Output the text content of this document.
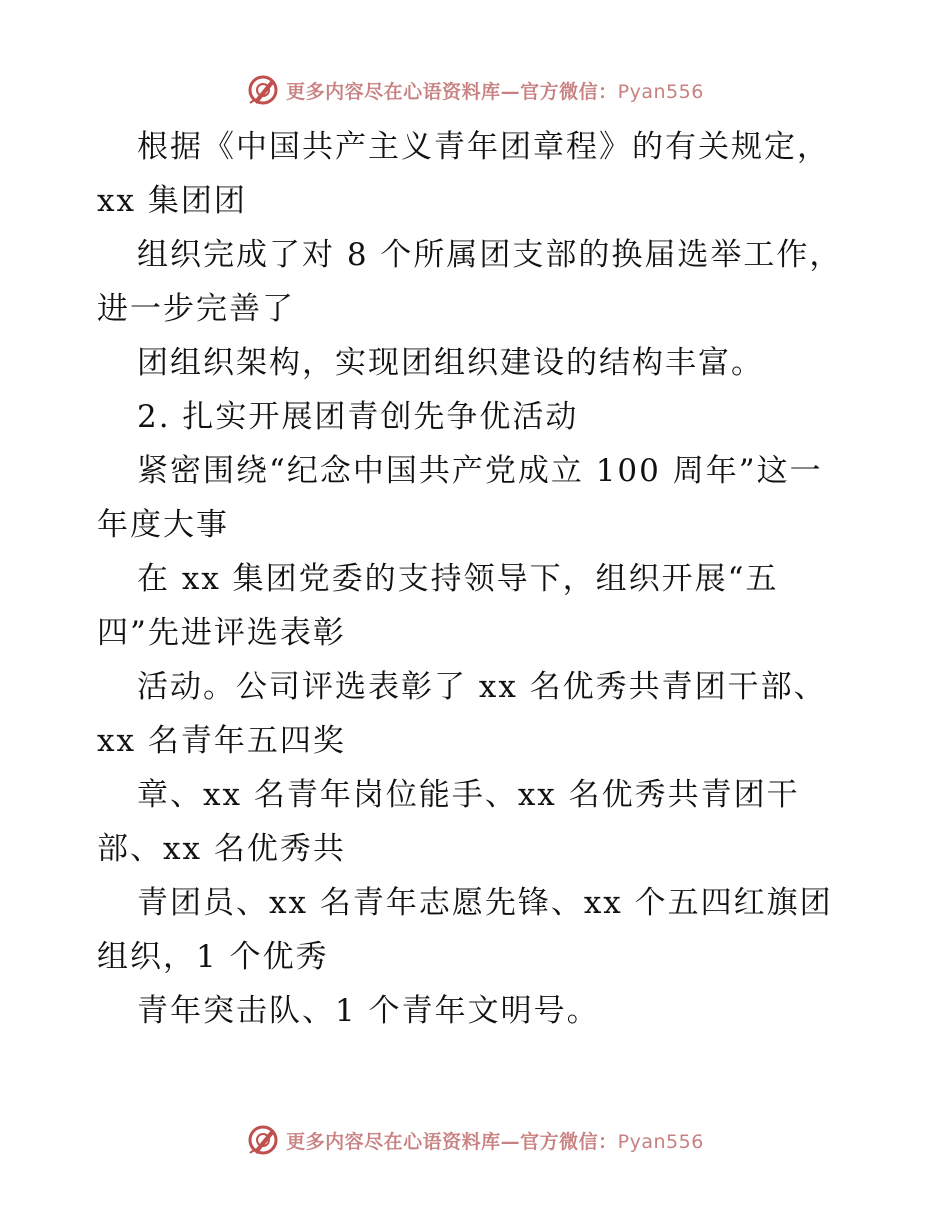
更多内容尽在心语资料库—官方微信：Pyan556
根据《中国共产主义青年团章程》的有关规定，
xx 集团团
组织完成了对 8 个所属团支部的换届选举工作，
进一步完善了
团组织架构，实现团组织建设的结构丰富。
2. 扎实开展团青创先争优活动
紧密围绕“纪念中国共产党成立 100 周年”这一
年度大事
在 xx 集团党委的支持领导下，组织开展“五
四”先进评选表彰
活动。公司评选表彰了 xx 名优秀共青团干部、
xx 名青年五四奖
章、xx 名青年岗位能手、xx 名优秀共青团干
部、xx 名优秀共
青团员、xx 名青年志愿先锋、xx 个五四红旗团
组织，1 个优秀
青年突击队、1 个青年文明号。
更多内容尽在心语资料库—官方微信：Pyan556
